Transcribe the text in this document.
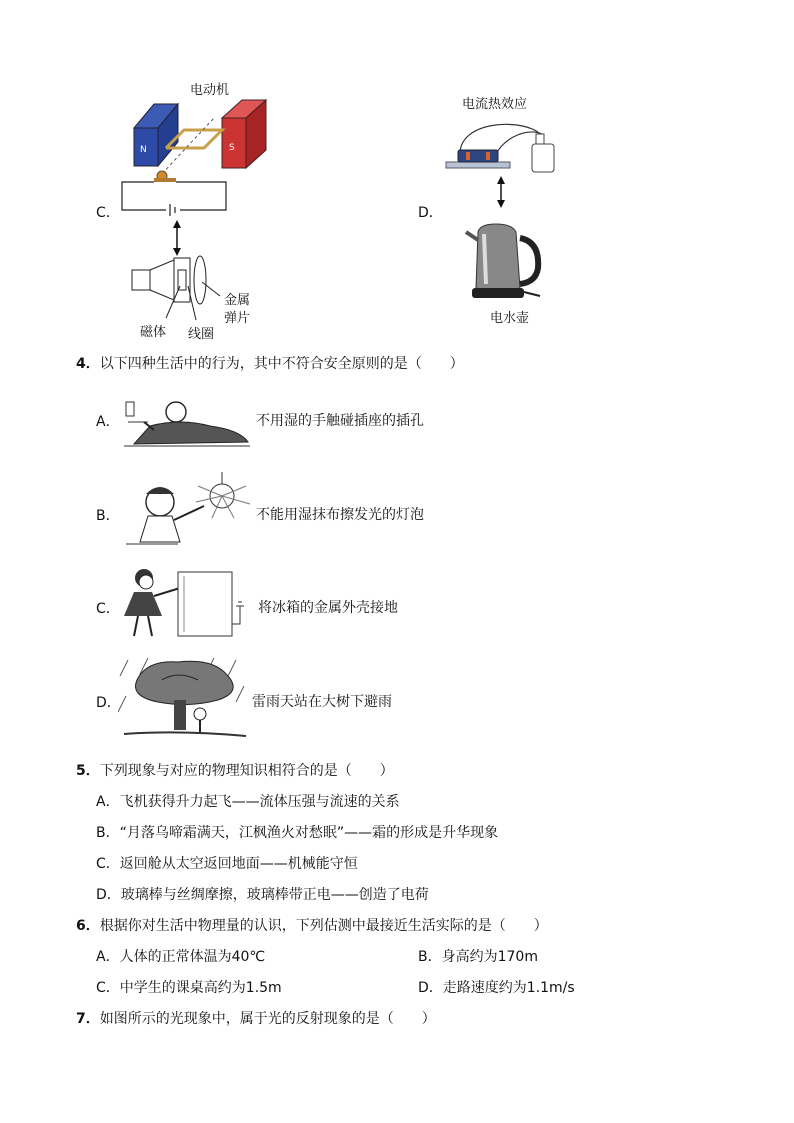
C．
电动机
N	S
磁体 线圈
金属
弹片
D．
电流热效应
电水壶
4．以下四种生活中的行为，其中不符合安全原则的是（　　）
A．	不用湿的手触碰插座的插孔
B．	不能用湿抹布擦发光的灯泡
C．	将冰箱的金属外壳接地
D．	雷雨天站在大树下避雨
5．下列现象与对应的物理知识相符合的是（　　）
A．飞机获得升力起飞——流体压强与流速的关系
B．“月落乌啼霜满天，江枫渔火对愁眠”——霜的形成是升华现象
C．返回舱从太空返回地面——机械能守恒
D．玻璃棒与丝绸摩擦，玻璃棒带正电——创造了电荷
6．根据你对生活中物理量的认识，下列估测中最接近生活实际的是（　　）
A．人体的正常体温为40℃	B．身高约为170m
C．中学生的课桌高约为1.5m	D．走路速度约为1.1m/s
7．如图所示的光现象中，属于光的反射现象的是（　　）
